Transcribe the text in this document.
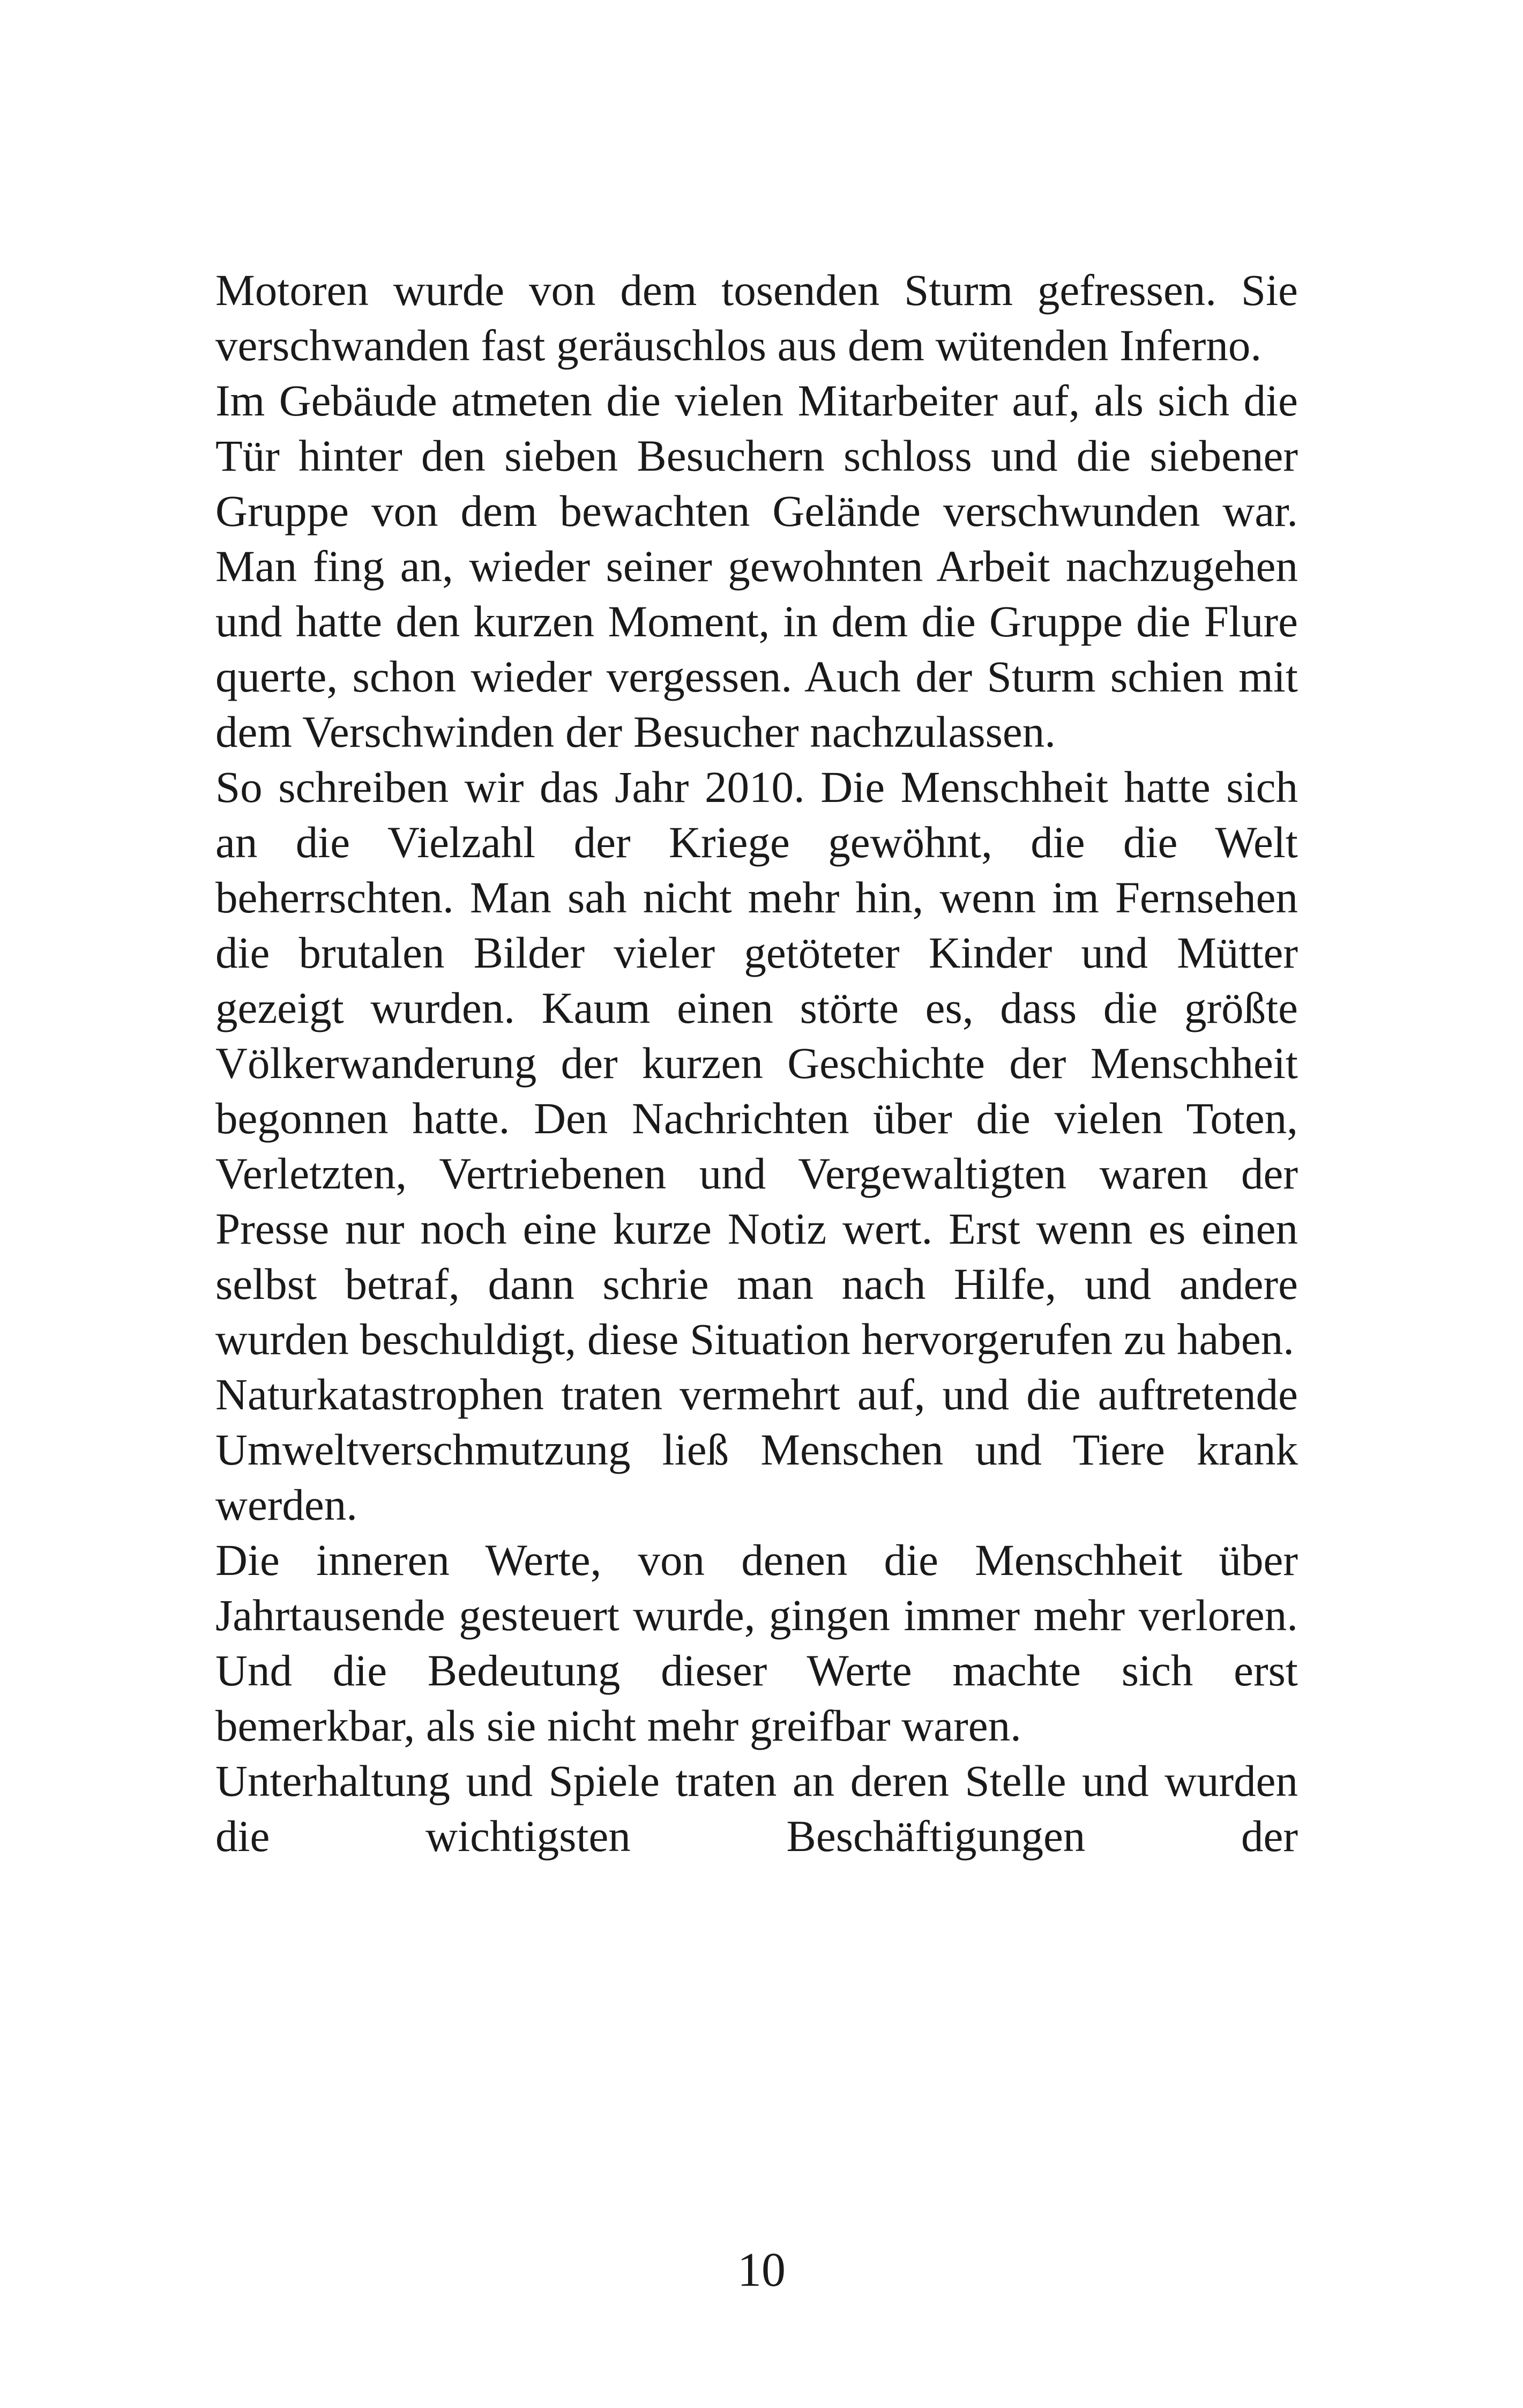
Motoren wurde von dem tosenden Sturm gefressen. Sie verschwanden fast geräuschlos aus dem wütenden Inferno.

Im Gebäude atmeten die vielen Mitarbeiter auf, als sich die Tür hinter den sieben Besuchern schloss und die siebener Gruppe von dem bewachten Gelände verschwunden war. Man fing an, wieder seiner gewohnten Arbeit nachzugehen und hatte den kurzen Moment, in dem die Gruppe die Flure querte, schon wieder vergessen. Auch der Sturm schien mit dem Verschwinden der Besucher nachzulassen.

So schreiben wir das Jahr 2010. Die Menschheit hatte sich an die Vielzahl der Kriege gewöhnt, die die Welt beherrschten. Man sah nicht mehr hin, wenn im Fernsehen die brutalen Bilder vieler getöteter Kinder und Mütter gezeigt wurden. Kaum einen störte es, dass die größte Völkerwanderung der kurzen Geschichte der Menschheit begonnen hatte. Den Nachrichten über die vielen Toten, Verletzten, Vertriebenen und Vergewaltigten waren der Presse nur noch eine kurze Notiz wert. Erst wenn es einen selbst betraf, dann schrie man nach Hilfe, und andere wurden beschuldigt, diese Situation hervorgerufen zu haben.

Naturkatastrophen traten vermehrt auf, und die auftretende Umweltverschmutzung ließ Menschen und Tiere krank werden.

Die inneren Werte, von denen die Menschheit über Jahrtausende gesteuert wurde, gingen immer mehr verloren. Und die Bedeutung dieser Werte machte sich erst bemerkbar, als sie nicht mehr greifbar waren.

Unterhaltung und Spiele traten an deren Stelle und wurden die wichtigsten Beschäftigungen der

10
